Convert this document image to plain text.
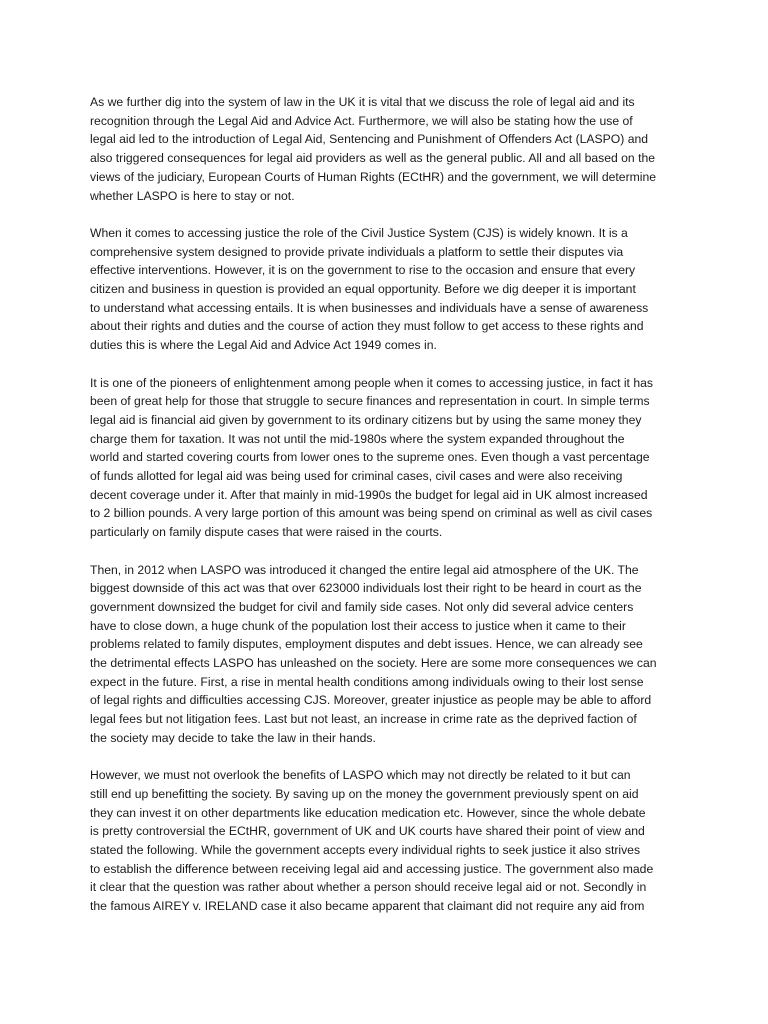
As we further dig into the system of law in the UK it is vital that we discuss the role of legal aid and its
recognition through the Legal Aid and Advice Act. Furthermore, we will also be stating how the use of
legal aid led to the introduction of Legal Aid, Sentencing and Punishment of Offenders Act (LASPO) and
also triggered consequences for legal aid providers as well as the general public. All and all based on the
views of the judiciary, European Courts of Human Rights (ECtHR) and the government, we will determine
whether LASPO is here to stay or not.

When it comes to accessing justice the role of the Civil Justice System (CJS) is widely known. It is a
comprehensive system designed to provide private individuals a platform to settle their disputes via
effective interventions. However, it is on the government to rise to the occasion and ensure that every
citizen and business in question is provided an equal opportunity. Before we dig deeper it is important
to understand what accessing entails. It is when businesses and individuals have a sense of awareness
about their rights and duties and the course of action they must follow to get access to these rights and
duties this is where the Legal Aid and Advice Act 1949 comes in.

It is one of the pioneers of enlightenment among people when it comes to accessing justice, in fact it has
been of great help for those that struggle to secure finances and representation in court. In simple terms
legal aid is financial aid given by government to its ordinary citizens but by using the same money they
charge them for taxation. It was not until the mid-1980s where the system expanded throughout the
world and started covering courts from lower ones to the supreme ones. Even though a vast percentage
of funds allotted for legal aid was being used for criminal cases, civil cases and were also receiving
decent coverage under it. After that mainly in mid-1990s the budget for legal aid in UK almost increased
to 2 billion pounds. A very large portion of this amount was being spend on criminal as well as civil cases
particularly on family dispute cases that were raised in the courts.

Then, in 2012 when LASPO was introduced it changed the entire legal aid atmosphere of the UK. The
biggest downside of this act was that over 623000 individuals lost their right to be heard in court as the
government downsized the budget for civil and family side cases. Not only did several advice centers
have to close down, a huge chunk of the population lost their access to justice when it came to their
problems related to family disputes, employment disputes and debt issues. Hence, we can already see
the detrimental effects LASPO has unleashed on the society. Here are some more consequences we can
expect in the future. First, a rise in mental health conditions among individuals owing to their lost sense
of legal rights and difficulties accessing CJS. Moreover, greater injustice as people may be able to afford
legal fees but not litigation fees. Last but not least, an increase in crime rate as the deprived faction of
the society may decide to take the law in their hands.

However, we must not overlook the benefits of LASPO which may not directly be related to it but can
still end up benefitting the society. By saving up on the money the government previously spent on aid
they can invest it on other departments like education medication etc. However, since the whole debate
is pretty controversial the ECtHR, government of UK and UK courts have shared their point of view and
stated the following. While the government accepts every individual rights to seek justice it also strives
to establish the difference between receiving legal aid and accessing justice. The government also made
it clear that the question was rather about whether a person should receive legal aid or not. Secondly in
the famous AIREY v. IRELAND case it also became apparent that claimant did not require any aid from
